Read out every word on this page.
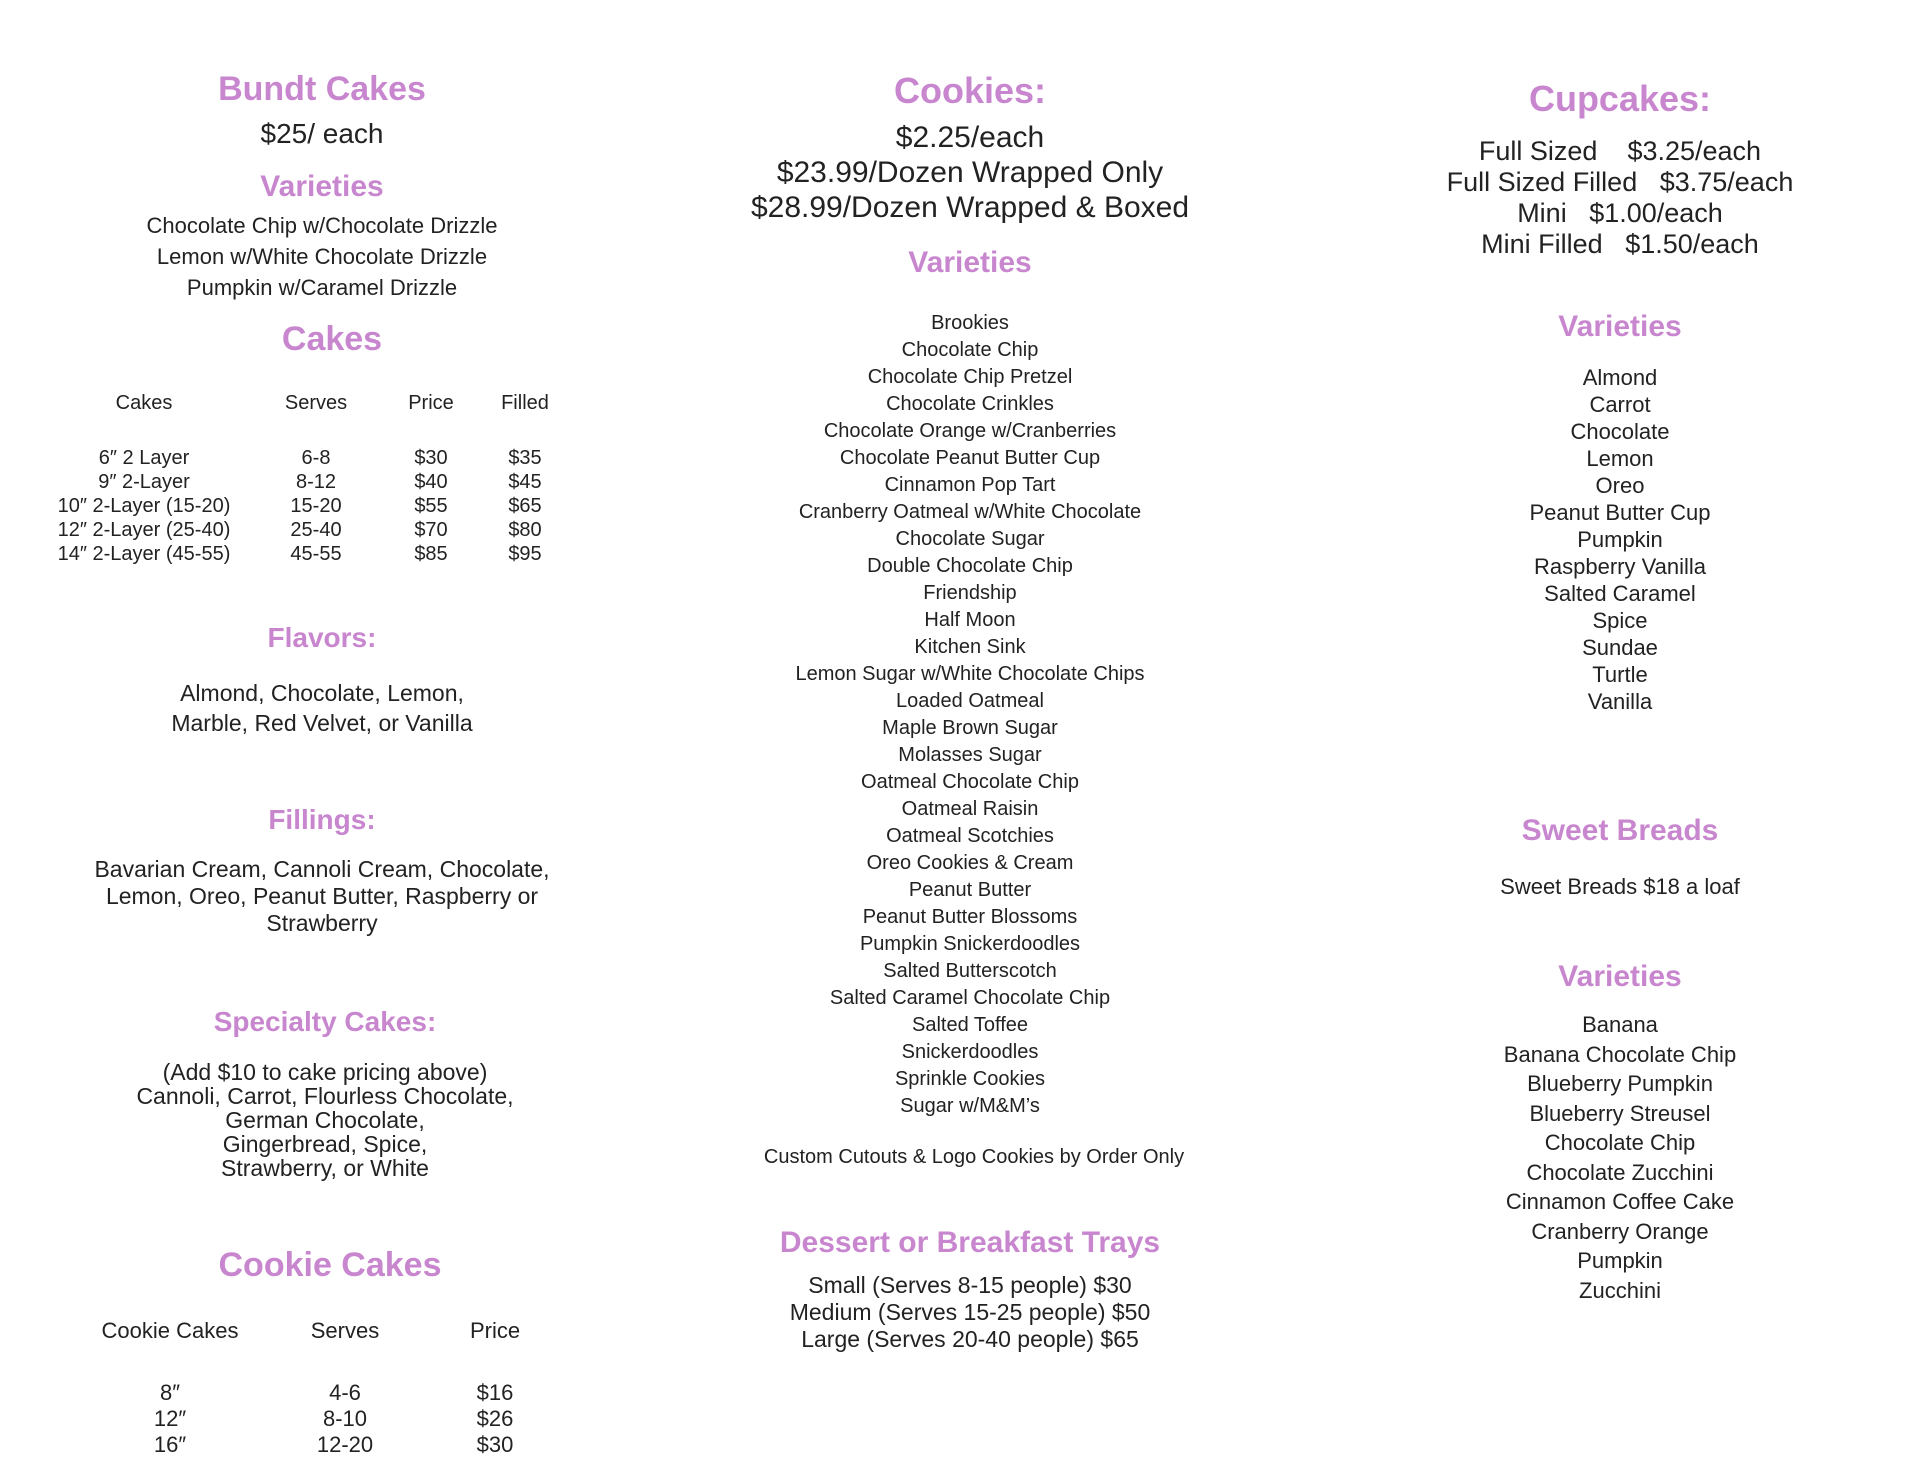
Bundt Cakes
$25/ each
Varieties
Chocolate Chip w/Chocolate Drizzle
Lemon w/White Chocolate Drizzle
Pumpkin w/Caramel Drizzle
Cakes
Cakes	Serves	Price	Filled

6″ 2 Layer	6-8	$30	$35
9″ 2-Layer	8-12	$40	$45
10″ 2-Layer (15-20)	15-20	$55	$65
12″ 2-Layer (25-40)	25-40	$70	$80
14″ 2-Layer (45-55)	45-55	$85	$95
Flavors:
Almond, Chocolate, Lemon,
Marble, Red Velvet, or Vanilla
Fillings:
Bavarian Cream, Cannoli Cream, Chocolate,
Lemon, Oreo, Peanut Butter, Raspberry or
Strawberry
Specialty Cakes:
(Add $10 to cake pricing above)
Cannoli, Carrot, Flourless Chocolate,
German Chocolate,
Gingerbread, Spice,
Strawberry, or White
Cookie Cakes
Cookie Cakes	Serves	Price

8″	4-6	$16
12″	8-10	$26
16″	12-20	$30
Cookies:
$2.25/each
$23.99/Dozen Wrapped Only
$28.99/Dozen Wrapped & Boxed
Varieties
Brookies
Chocolate Chip
Chocolate Chip Pretzel
Chocolate Crinkles
Chocolate Orange w/Cranberries
Chocolate Peanut Butter Cup
Cinnamon Pop Tart
Cranberry Oatmeal w/White Chocolate
Chocolate Sugar
Double Chocolate Chip
Friendship
Half Moon
Kitchen Sink
Lemon Sugar w/White Chocolate Chips
Loaded Oatmeal
Maple Brown Sugar
Molasses Sugar
Oatmeal Chocolate Chip
Oatmeal Raisin
Oatmeal Scotchies
Oreo Cookies & Cream
Peanut Butter
Peanut Butter Blossoms
Pumpkin Snickerdoodles
Salted Butterscotch
Salted Caramel Chocolate Chip
Salted Toffee
Snickerdoodles
Sprinkle Cookies
Sugar w/M&M’s
Custom Cutouts & Logo Cookies by Order Only
Dessert or Breakfast Trays
Small (Serves 8-15 people) $30
Medium (Serves 15-25 people) $50
Large (Serves 20-40 people) $65
Cupcakes:
Full Sized    $3.25/each
Full Sized Filled   $3.75/each
Mini   $1.00/each
Mini Filled   $1.50/each
Varieties
Almond
Carrot
Chocolate
Lemon
Oreo
Peanut Butter Cup
Pumpkin
Raspberry Vanilla
Salted Caramel
Spice
Sundae
Turtle
Vanilla
Sweet Breads
Sweet Breads $18 a loaf
Varieties
Banana
Banana Chocolate Chip
Blueberry Pumpkin
Blueberry Streusel
Chocolate Chip
Chocolate Zucchini
Cinnamon Coffee Cake
Cranberry Orange
Pumpkin
Zucchini
